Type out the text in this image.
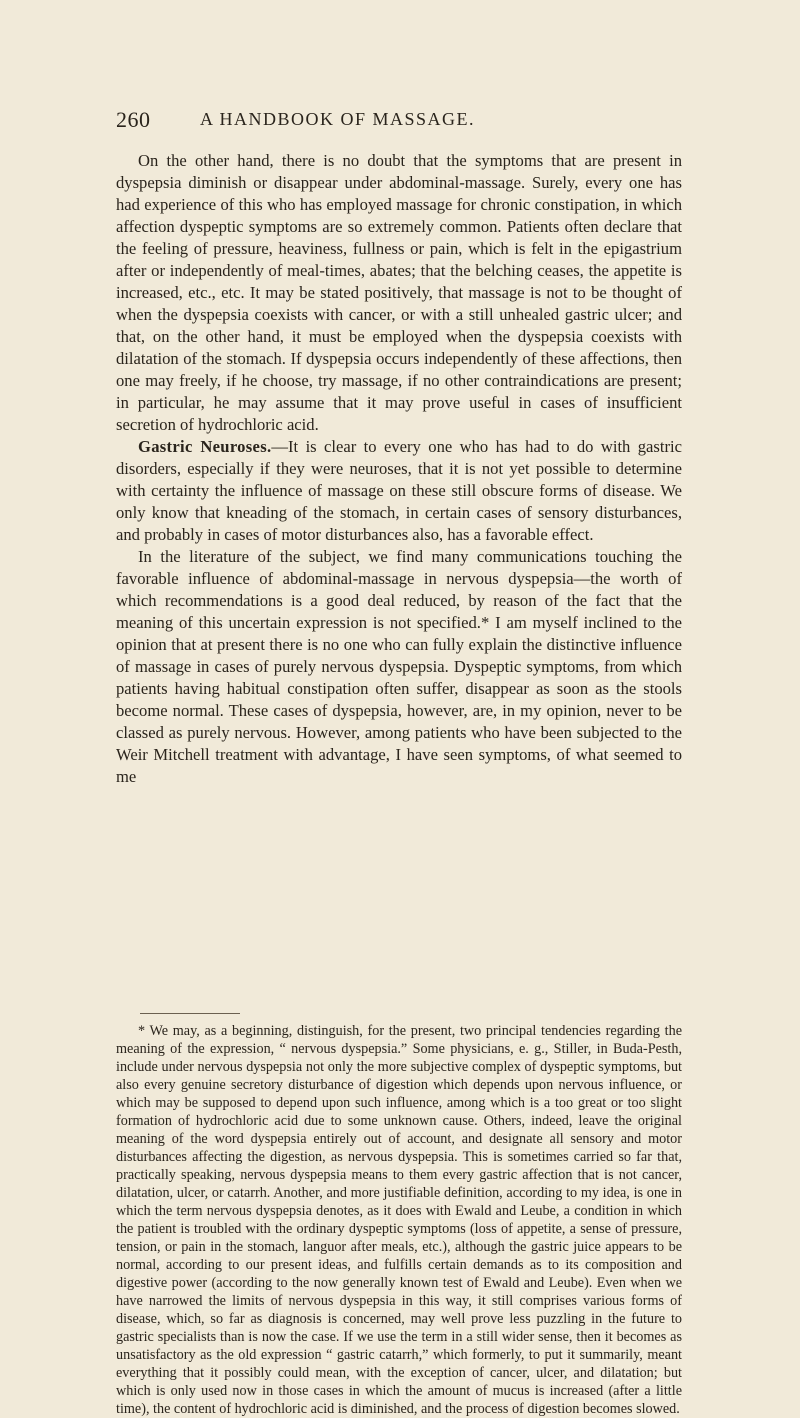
260	A HANDBOOK OF MASSAGE.

On the other hand, there is no doubt that the symptoms that are present in dyspepsia diminish or disappear under abdominal-massage. Surely, every one has had experience of this who has employed massage for chronic constipation, in which affection dyspeptic symptoms are so extremely common. Patients often declare that the feeling of pressure, heaviness, fullness or pain, which is felt in the epigastrium after or independently of meal-times, abates; that the belching ceases, the appetite is increased, etc., etc. It may be stated positively, that massage is not to be thought of when the dyspepsia coexists with cancer, or with a still unhealed gastric ulcer; and that, on the other hand, it must be employed when the dyspepsia coexists with dilatation of the stomach. If dyspepsia occurs independently of these affections, then one may freely, if he choose, try massage, if no other contraindications are present; in particular, he may assume that it may prove useful in cases of insufficient secretion of hydrochloric acid.

Gastric Neuroses.—It is clear to every one who has had to do with gastric disorders, especially if they were neuroses, that it is not yet possible to determine with certainty the influence of massage on these still obscure forms of disease. We only know that kneading of the stomach, in certain cases of sensory disturbances, and probably in cases of motor disturbances also, has a favorable effect.

In the literature of the subject, we find many communications touching the favorable influence of abdominal-massage in nervous dyspepsia—the worth of which recommendations is a good deal reduced, by reason of the fact that the meaning of this uncertain expression is not specified.* I am myself inclined to the opinion that at present there is no one who can fully explain the distinctive influence of massage in cases of purely nervous dyspepsia. Dyspeptic symptoms, from which patients having habitual constipation often suffer, disappear as soon as the stools become normal. These cases of dyspepsia, however, are, in my opinion, never to be classed as purely nervous. However, among patients who have been subjected to the Weir Mitchell treatment with advantage, I have seen symptoms, of what seemed to me

* We may, as a beginning, distinguish, for the present, two principal tendencies regarding the meaning of the expression, “ nervous dyspepsia.” Some physicians, e. g., Stiller, in Buda-Pesth, include under nervous dyspepsia not only the more subjective complex of dyspeptic symptoms, but also every genuine secretory disturbance of digestion which depends upon nervous influence, or which may be supposed to depend upon such influence, among which is a too great or too slight formation of hydrochloric acid due to some unknown cause. Others, indeed, leave the original meaning of the word dyspepsia entirely out of account, and designate all sensory and motor disturbances affecting the digestion, as nervous dyspepsia. This is sometimes carried so far that, practically speaking, nervous dyspepsia means to them every gastric affection that is not cancer, dilatation, ulcer, or catarrh. Another, and more justifiable definition, according to my idea, is one in which the term nervous dyspepsia denotes, as it does with Ewald and Leube, a condition in which the patient is troubled with the ordinary dyspeptic symptoms (loss of appetite, a sense of pressure, tension, or pain in the stomach, languor after meals, etc.), although the gastric juice appears to be normal, according to our present ideas, and fulfills certain demands as to its composition and digestive power (according to the now generally known test of Ewald and Leube). Even when we have narrowed the limits of nervous dyspepsia in this way, it still comprises various forms of disease, which, so far as diagnosis is concerned, may well prove less puzzling in the future to gastric specialists than is now the case. If we use the term in a still wider sense, then it becomes as unsatisfactory as the old expression “ gastric catarrh,” which formerly, to put it summarily, meant everything that it possibly could mean, with the exception of cancer, ulcer, and dilatation; but which is only used now in those cases in which the amount of mucus is increased (after a little time), the content of hydrochloric acid is diminished, and the process of digestion becomes slowed.
